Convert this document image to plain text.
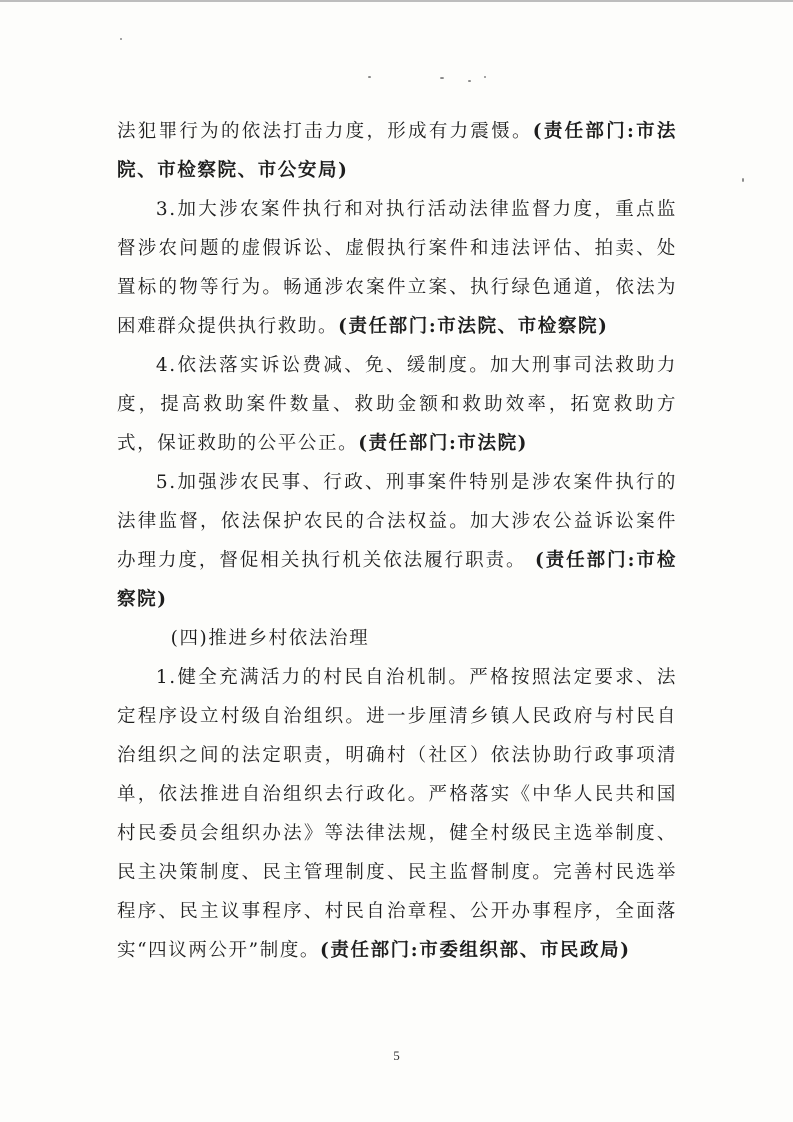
法犯罪行为的依法打击力度，形成有力震慑。(责任部门:市法院、市检察院、市公安局)

3.加大涉农案件执行和对执行活动法律监督力度，重点监督涉农问题的虚假诉讼、虚假执行案件和违法评估、拍卖、处置标的物等行为。畅通涉农案件立案、执行绿色通道，依法为困难群众提供执行救助。(责任部门:市法院、市检察院)

4.依法落实诉讼费减、免、缓制度。加大刑事司法救助力度，提高救助案件数量、救助金额和救助效率，拓宽救助方式，保证救助的公平公正。(责任部门:市法院)

5.加强涉农民事、行政、刑事案件特别是涉农案件执行的法律监督，依法保护农民的合法权益。加大涉农公益诉讼案件办理力度，督促相关执行机关依法履行职责。 (责任部门:市检察院)

(四)推进乡村依法治理

1.健全充满活力的村民自治机制。严格按照法定要求、法定程序设立村级自治组织。进一步厘清乡镇人民政府与村民自治组织之间的法定职责，明确村（社区）依法协助行政事项清单，依法推进自治组织去行政化。严格落实《中华人民共和国村民委员会组织办法》等法律法规，健全村级民主选举制度、民主决策制度、民主管理制度、民主监督制度。完善村民选举程序、民主议事程序、村民自治章程、公开办事程序，全面落实“四议两公开”制度。(责任部门:市委组织部、市民政局)

5
